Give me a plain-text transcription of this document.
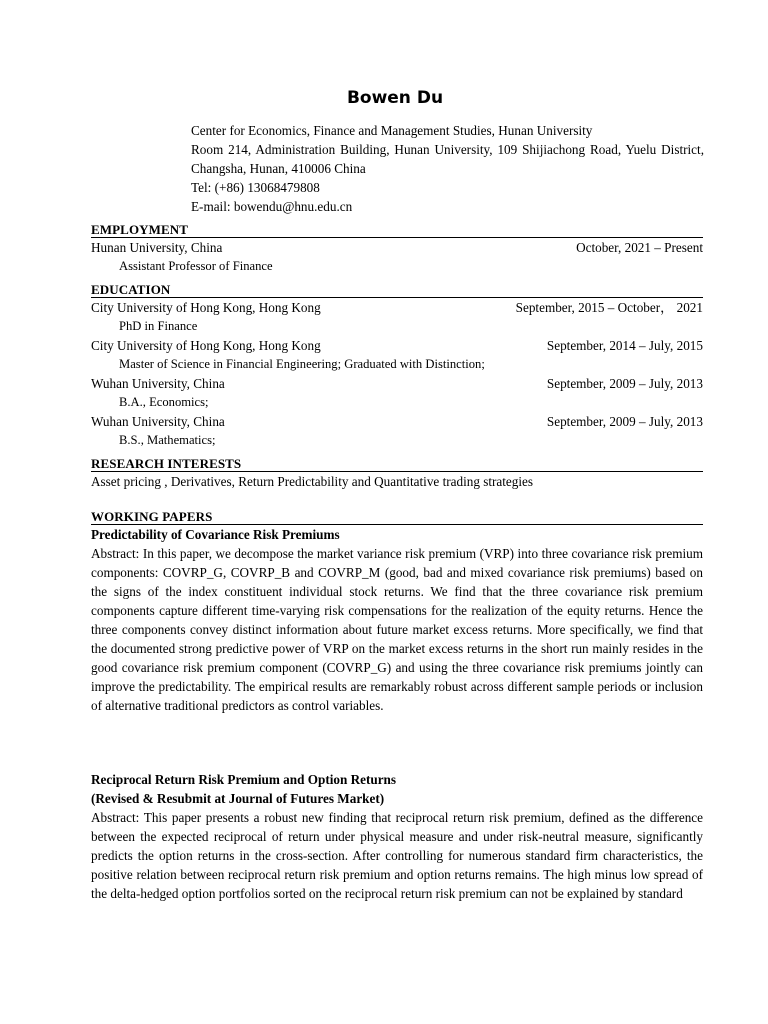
Bowen Du
Center for Economics, Finance and Management Studies, Hunan University
Room 214, Administration Building, Hunan University, 109 Shijiachong Road, Yuelu District, Changsha, Hunan, 410006 China
Tel: (+86) 13068479808
E-mail: bowendu@hnu.edu.cn
EMPLOYMENT
Hunan University, China	October, 2021 – Present
Assistant Professor of Finance
EDUCATION
City University of Hong Kong, Hong Kong	September, 2015 – October， 2021
PhD in Finance
City University of Hong Kong, Hong Kong	September, 2014 – July, 2015
Master of Science in Financial Engineering; Graduated with Distinction;
Wuhan University, China	September, 2009 – July, 2013
B.A., Economics;
Wuhan University, China	September, 2009 – July, 2013
B.S., Mathematics;
RESEARCH INTERESTS
Asset pricing , Derivatives, Return Predictability and Quantitative trading strategies
WORKING PAPERS
Predictability of Covariance Risk Premiums
Abstract: In this paper, we decompose the market variance risk premium (VRP) into three covariance risk premium components: COVRP_G, COVRP_B and COVRP_M (good, bad and mixed covariance risk premiums) based on the signs of the index constituent individual stock returns. We find that the three covariance risk premium components capture different time-varying risk compensations for the realization of the equity returns. Hence the three components convey distinct information about future market excess returns. More specifically, we find that the documented strong predictive power of VRP on the market excess returns in the short run mainly resides in the good covariance risk premium component (COVRP_G) and using the three covariance risk premiums jointly can improve the predictability. The empirical results are remarkably robust across different sample periods or inclusion of alternative traditional predictors as control variables.
Reciprocal Return Risk Premium and Option Returns
(Revised & Resubmit at Journal of Futures Market)
Abstract: This paper presents a robust new finding that reciprocal return risk premium, defined as the difference between the expected reciprocal of return under physical measure and under risk-neutral measure, significantly predicts the option returns in the cross-section. After controlling for numerous standard firm characteristics, the positive relation between reciprocal return risk premium and option returns remains. The high minus low spread of the delta-hedged option portfolios sorted on the reciprocal return risk premium can not be explained by standard
